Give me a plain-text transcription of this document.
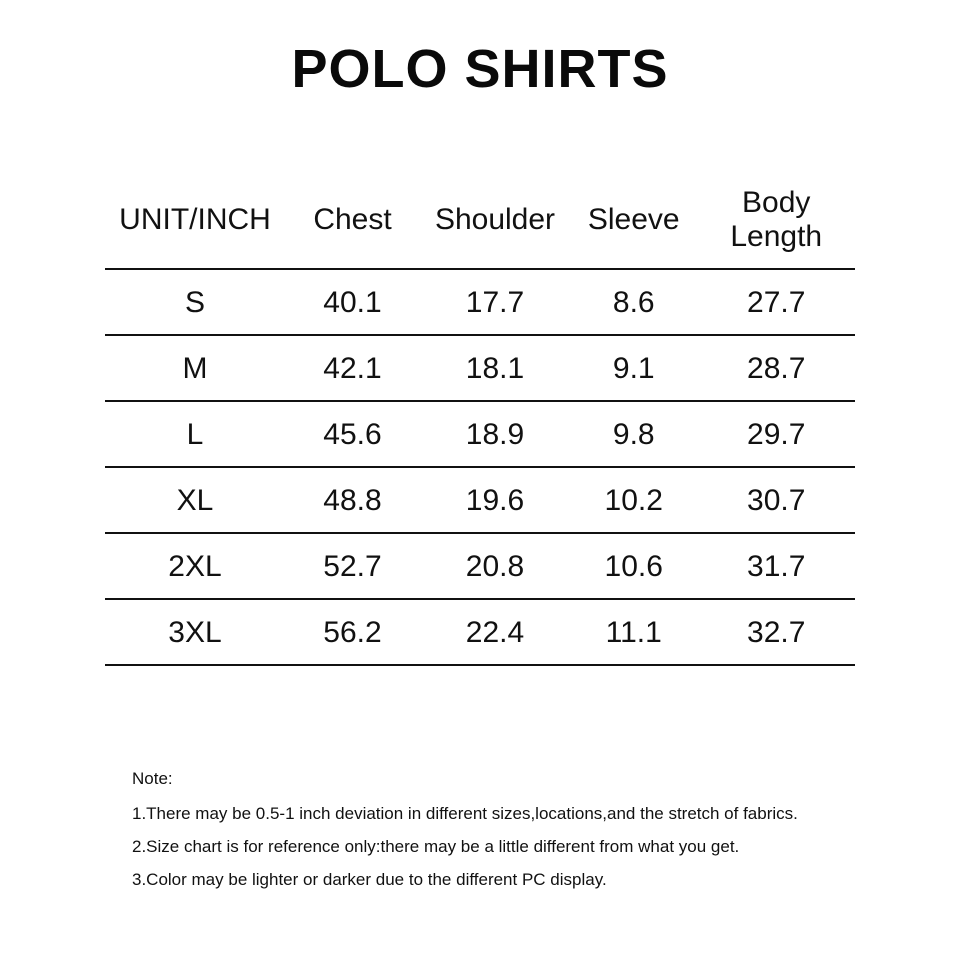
POLO SHIRTS
UNIT/INCH	Chest	Shoulder	Sleeve	Body Length
S	40.1	17.7	8.6	27.7
M	42.1	18.1	9.1	28.7
L	45.6	18.9	9.8	29.7
XL	48.8	19.6	10.2	30.7
2XL	52.7	20.8	10.6	31.7
3XL	56.2	22.4	11.1	32.7
Note:
1.There may be 0.5-1 inch deviation in different sizes,locations,and the stretch of fabrics.
2.Size chart is for reference only:there may be a little different from what you get.
3.Color may be lighter or darker due to the different PC display.
